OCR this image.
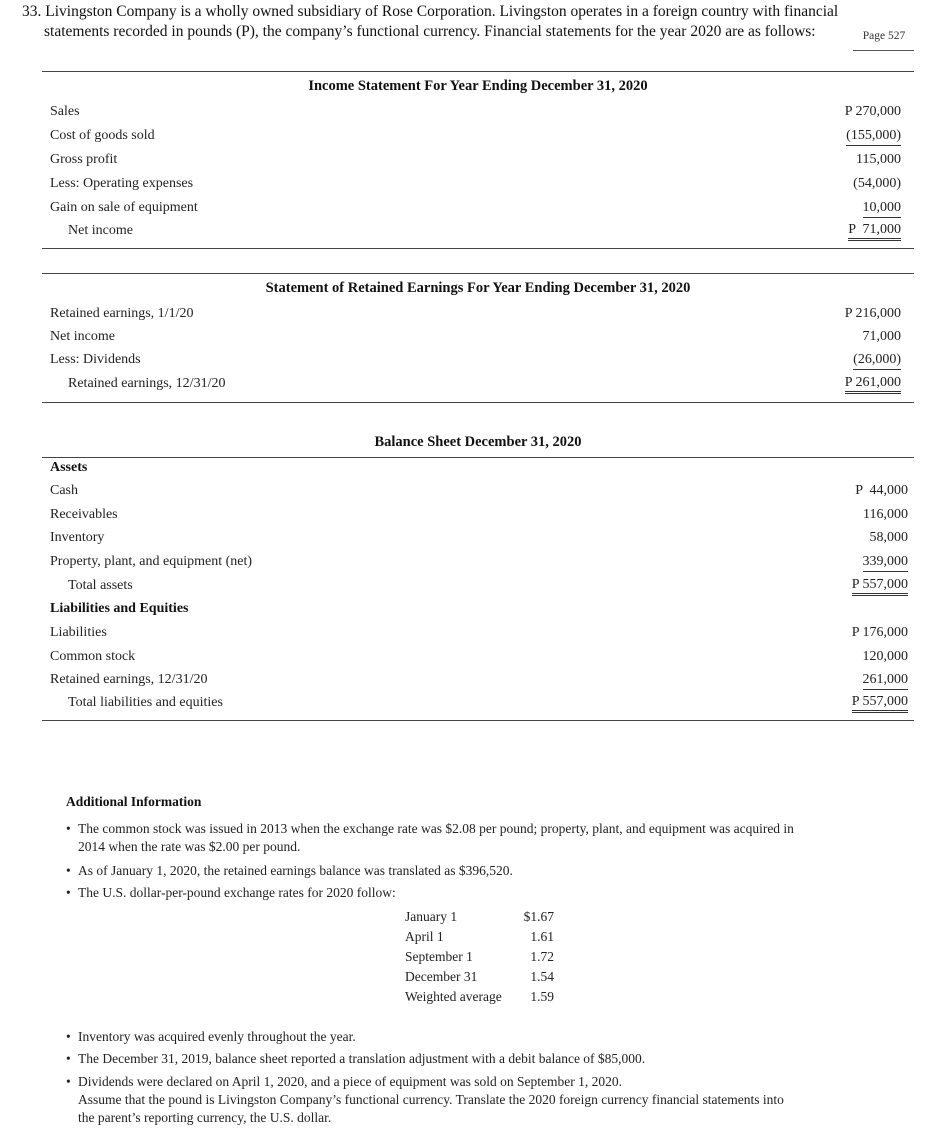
33. Livingston Company is a wholly owned subsidiary of Rose Corporation. Livingston operates in a foreign country with financial
statements recorded in pounds (P), the company’s functional currency. Financial statements for the year 2020 are as follows:	Page 527
Income Statement For Year Ending December 31, 2020
Sales	P 270,000
Cost of goods sold	(155,000)
Gross profit	115,000
Less: Operating expenses	(54,000)
Gain on sale of equipment	10,000
Net income	P  71,000
Statement of Retained Earnings For Year Ending December 31, 2020
Retained earnings, 1/1/20	P 216,000
Net income	71,000
Less: Dividends	(26,000)
Retained earnings, 12/31/20	P 261,000
Balance Sheet December 31, 2020
Assets
Cash	P  44,000
Receivables	116,000
Inventory	58,000
Property, plant, and equipment (net)	339,000
Total assets	P 557,000
Liabilities and Equities
Liabilities	P 176,000
Common stock	120,000
Retained earnings, 12/31/20	261,000
Total liabilities and equities	P 557,000
Additional Information
• The common stock was issued in 2013 when the exchange rate was $2.08 per pound; property, plant, and equipment was acquired in
2014 when the rate was $2.00 per pound.
• As of January 1, 2020, the retained earnings balance was translated as $396,520.
• The U.S. dollar-per-pound exchange rates for 2020 follow:
January 1	$1.67
April 1	1.61
September 1	1.72
December 31	1.54
Weighted average 1.59
• Inventory was acquired evenly throughout the year.
• The December 31, 2019, balance sheet reported a translation adjustment with a debit balance of $85,000.
• Dividends were declared on April 1, 2020, and a piece of equipment was sold on September 1, 2020.
Assume that the pound is Livingston Company’s functional currency. Translate the 2020 foreign currency financial statements into
the parent’s reporting currency, the U.S. dollar.
